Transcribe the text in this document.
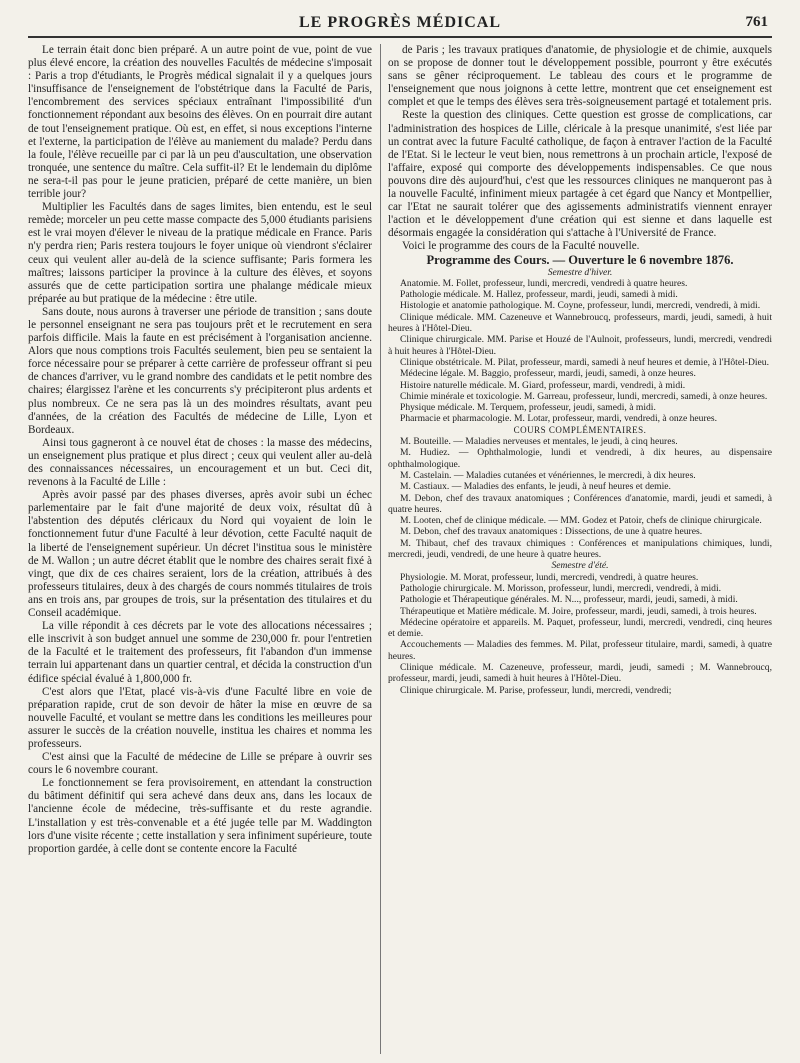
LE PROGRÈS MÉDICAL	761

Le terrain était donc bien préparé. A un autre point de vue, point de vue plus élevé encore, la création des nouvelles Facultés de médecine s'imposait : Paris a trop d'étudiants, le Progrès médical signalait il y a quelques jours l'insuffisance de l'enseignement de l'obstétrique dans la Faculté de Paris, l'encombrement des services spéciaux entraînant l'impossibilité d'un fonctionnement répondant aux besoins des élèves. On en pourrait dire autant de tout l'enseignement pratique. Où est, en effet, si nous exceptions l'interne et l'externe, la participation de l'élève au maniement du malade? Perdu dans la foule, l'élève recueille par ci par là un peu d'auscultation, une observation tronquée, une sentence du maître. Cela suffit-il? Et le lendemain du diplôme ne sera-t-il pas pour le jeune praticien, préparé de cette manière, un bien terrible jour?

Multiplier les Facultés dans de sages limites, bien entendu, est le seul remède; morceler un peu cette masse compacte des 5,000 étudiants parisiens est le vrai moyen d'élever le niveau de la pratique médicale en France. Paris n'y perdra rien; Paris restera toujours le foyer unique où viendront s'éclairer ceux qui veulent aller au-delà de la science suffisante; Paris formera les maîtres; laissons participer la province à la culture des élèves, et soyons assurés que de cette participation sortira une phalange médicale mieux préparée au but pratique de la médecine : être utile.

Sans doute, nous aurons à traverser une période de transition ; sans doute le personnel enseignant ne sera pas toujours prêt et le recrutement en sera parfois difficile. Mais la faute en est précisément à l'organisation ancienne. Alors que nous comptions trois Facultés seulement, bien peu se sentaient la force nécessaire pour se préparer à cette carrière de professeur offrant si peu de chances d'arriver, vu le grand nombre des candidats et le petit nombre des chaires; élargissez l'arène et les concurrents s'y précipiteront plus ardents et plus nombreux. Ce ne sera pas là un des moindres résultats, avant peu d'années, de la création des Facultés de médecine de Lille, Lyon et Bordeaux.

Ainsi tous gagneront à ce nouvel état de choses : la masse des médecins, un enseignement plus pratique et plus direct ; ceux qui veulent aller au-delà des connaissances nécessaires, un encouragement et un but. Ceci dit, revenons à la Faculté de Lille :

Après avoir passé par des phases diverses, après avoir subi un échec parlementaire par le fait d'une majorité de deux voix, résultat dû à l'abstention des députés cléricaux du Nord qui voyaient de loin le fonctionnement futur d'une Faculté à leur dévotion, cette Faculté naquit de la liberté de l'enseignement supérieur. Un décret l'institua sous le ministère de M. Wallon ; un autre décret établit que le nombre des chaires serait fixé à vingt, que dix de ces chaires seraient, lors de la création, attribués à des professeurs titulaires, deux à des chargés de cours nommés titulaires de trois ans en trois ans, par groupes de trois, sur la présentation des titulaires et du Conseil académique.

La ville répondit à ces décrets par le vote des allocations nécessaires ; elle inscrivit à son budget annuel une somme de 230,000 fr. pour l'entretien de la Faculté et le traitement des professeurs, fit l'abandon d'un immense terrain lui appartenant dans un quartier central, et décida la construction d'un édifice spécial évalué à 1,800,000 fr.

C'est alors que l'Etat, placé vis-à-vis d'une Faculté libre en voie de préparation rapide, crut de son devoir de hâter la mise en œuvre de sa nouvelle Faculté, et voulant se mettre dans les conditions les meilleures pour assurer le succès de la création nouvelle, institua les chaires et nomma les professeurs.

C'est ainsi que la Faculté de médecine de Lille se prépare à ouvrir ses cours le 6 novembre courant.

Le fonctionnement se fera provisoirement, en attendant la construction du bâtiment définitif qui sera achevé dans deux ans, dans les locaux de l'ancienne école de médecine, très-suffisante et du reste agrandie. L'installation y est très-convenable et a été jugée telle par M. Waddington lors d'une visite récente ; cette installation y sera infiniment supérieure, toute proportion gardée, à celle dont se contente encore la Faculté

de Paris ; les travaux pratiques d'anatomie, de physiologie et de chimie, auxquels on se propose de donner tout le développement possible, pourront y être exécutés sans se gêner réciproquement. Le tableau des cours et le programme de l'enseignement que nous joignons à cette lettre, montrent que cet enseignement est complet et que le temps des élèves sera très-soigneusement partagé et totalement pris.

Reste la question des cliniques. Cette question est grosse de complications, car l'administration des hospices de Lille, cléricale à la presque unanimité, s'est liée par un contrat avec la future Faculté catholique, de façon à entraver l'action de la Faculté de l'Etat. Si le lecteur le veut bien, nous remettrons à un prochain article, l'exposé de l'affaire, exposé qui comporte des développements indispensables. Ce que nous pouvons dire dès aujourd'hui, c'est que les ressources cliniques ne manqueront pas à la nouvelle Faculté, infiniment mieux partagée à cet égard que Nancy et Montpellier, car l'Etat ne saurait tolérer que des agissements administratifs viennent enrayer l'action et le développement d'une création qui est sienne et dans laquelle est désormais engagée la considération qui s'attache à l'Université de France.

Voici le programme des cours de la Faculté nouvelle.

Programme des Cours. — Ouverture le 6 novembre 1876.

Semestre d'hiver.

Anatomie. M. Follet, professeur, lundi, mercredi, vendredi à quatre heures.

Pathologie médicale. M. Hallez, professeur, mardi, jeudi, samedi à midi.

Histologie et anatomie pathologique. M. Coyne, professeur, lundi, mercredi, vendredi, à midi.

Clinique médicale. MM. Cazeneuve et Wannebroucq, professeurs, mardi, jeudi, samedi, à huit heures à l'Hôtel-Dieu.

Clinique chirurgicale. MM. Parise et Houzé de l'Aulnoit, professeurs, lundi, mercredi, vendredi à huit heures à l'Hôtel-Dieu.

Clinique obstétricale. M. Pilat, professeur, mardi, samedi à neuf heures et demie, à l'Hôtel-Dieu.

Médecine légale. M. Baggio, professeur, mardi, jeudi, samedi, à onze heures.

Histoire naturelle médicale. M. Giard, professeur, mardi, vendredi, à midi.

Chimie minérale et toxicologie. M. Garreau, professeur, lundi, mercredi, samedi, à onze heures.

Physique médicale. M. Terquem, professeur, jeudi, samedi, à midi.

Pharmacie et pharmacologie. M. Lotar, professeur, mardi, vendredi, à onze heures.

COURS COMPLÉMENTAIRES.

M. Bouteille. — Maladies nerveuses et mentales, le jeudi, à cinq heures.

M. Hudiez. — Ophthalmologie, lundi et vendredi, à dix heures, au dispensaire ophthalmologique.

M. Castelain. — Maladies cutanées et vénériennes, le mercredi, à dix heures.

M. Castiaux. — Maladies des enfants, le jeudi, à neuf heures et demie.

M. Debon, chef des travaux anatomiques ; Conférences d'anatomie, mardi, jeudi et samedi, à quatre heures.

M. Looten, chef de clinique médicale. — MM. Godez et Patoir, chefs de clinique chirurgicale.

M. Debon, chef des travaux anatomiques : Dissections, de une à quatre heures.

M. Thibaut, chef des travaux chimiques : Conférences et manipulations chimiques, lundi, mercredi, jeudi, vendredi, de une heure à quatre heures.

Semestre d'été.

Physiologie. M. Morat, professeur, lundi, mercredi, vendredi, à quatre heures.

Pathologie chirurgicale. M. Morisson, professeur, lundi, mercredi, vendredi, à midi.

Pathologie et Thérapeutique générales. M. N..., professeur, mardi, jeudi, samedi, à midi.

Thérapeutique et Matière médicale. M. Joire, professeur, mardi, jeudi, samedi, à trois heures.

Médecine opératoire et appareils. M. Paquet, professeur, lundi, mercredi, vendredi, cinq heures et demie.

Accouchements — Maladies des femmes. M. Pilat, professeur titulaire, mardi, samedi, à quatre heures.

Clinique médicale. M. Cazeneuve, professeur, mardi, jeudi, samedi ; M. Wannebroucq, professeur, mardi, jeudi, samedi à huit heures à l'Hôtel-Dieu.

Clinique chirurgicale. M. Parise, professeur, lundi, mercredi, vendredi;
